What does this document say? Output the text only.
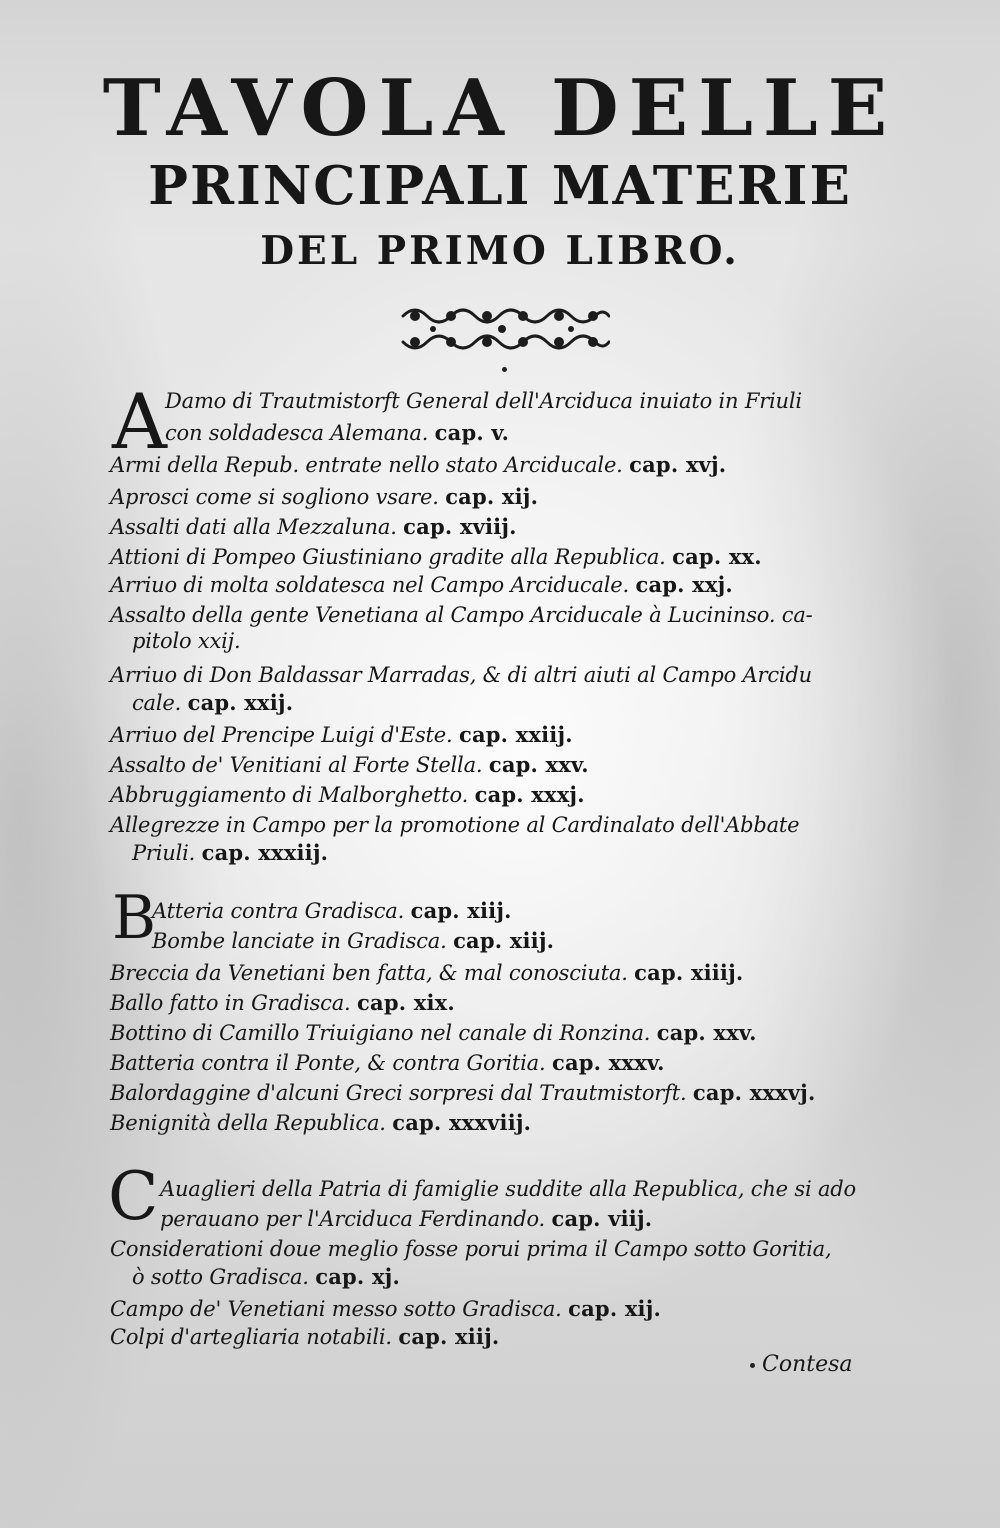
TAVOLA DELLE
PRINCIPALI MATERIE
DEL PRIMO LIBRO.
A

Damo di Trautmistorft General dell'Arciduca inuiato in Friuli

con soldadesca Alemana. cap. v.

Armi della Repub. entrate nello stato Arciducale. cap. xvj.

Aprosci come si sogliono vsare. cap. xij.

Assalti dati alla Mezzaluna. cap. xviij.

Attioni di Pompeo Giustiniano gradite alla Republica. cap. xx.

Arriuo di molta soldatesca nel Campo Arciducale. cap. xxj.

Assalto della gente Venetiana al Campo Arciducale à Lucininso. ca-

pitolo xxij.

Arriuo di Don Baldassar Marradas, & di altri aiuti al Campo Arcidu

cale. cap. xxij.

Arriuo del Prencipe Luigi d'Este. cap. xxiij.

Assalto de' Venitiani al Forte Stella. cap. xxv.

Abbruggiamento di Malborghetto. cap. xxxj.

Allegrezze in Campo per la promotione al Cardinalato dell'Abbate

Priuli. cap. xxxiij.

B

Atteria contra Gradisca. cap. xiij.

Bombe lanciate in Gradisca. cap. xiij.

Breccia da Venetiani ben fatta, & mal conosciuta. cap. xiiij.

Ballo fatto in Gradisca. cap. xix.

Bottino di Camillo Triuigiano nel canale di Ronzina. cap. xxv.

Batteria contra il Ponte, & contra Goritia. cap. xxxv.

Balordaggine d'alcuni Greci sorpresi dal Trautmistorft. cap. xxxvj.

Benignità della Republica. cap. xxxviij.

C Auaglieri della Patria di famiglie suddite alla Republica, che si ado

perauano per l'Arciduca Ferdinando. cap. viij.

Considerationi doue meglio fosse porui prima il Campo sotto Goritia,

ò sotto Gradisca. cap. xj.

Campo de' Venetiani messo sotto Gradisca. cap. xij.

Colpi d'artegliaria notabili. cap. xiij.

Contesa
